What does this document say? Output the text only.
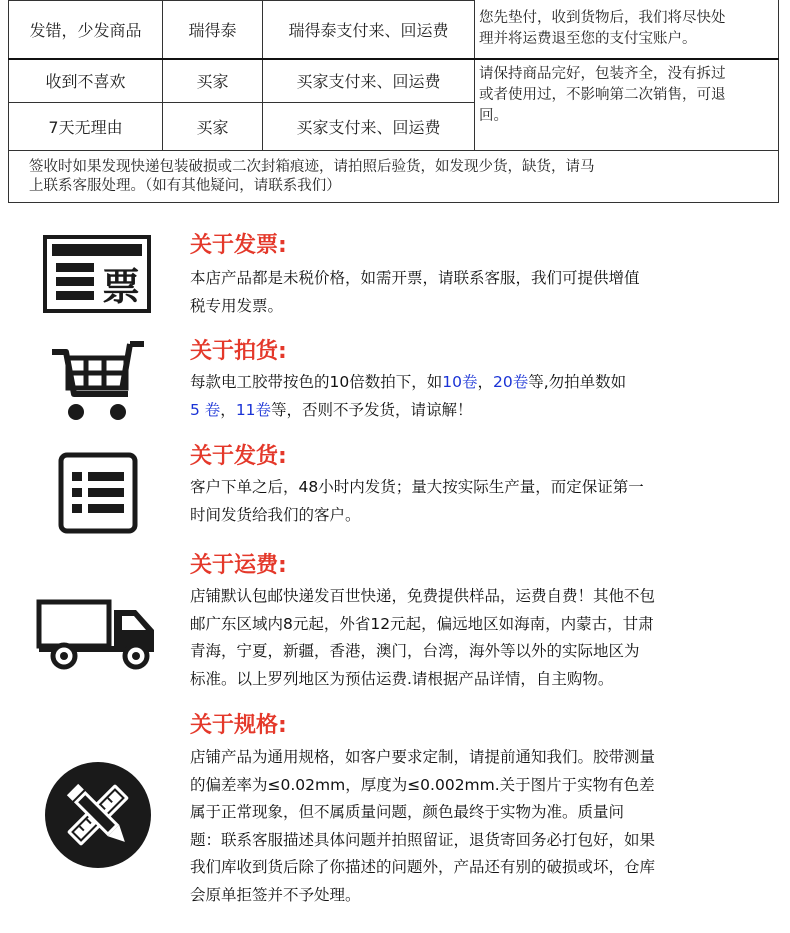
发错，少发商品	瑞得泰	瑞得泰支付来、回运费	您先垫付，收到货物后，我们将尽快处
理并将运费退至您的支付宝账户。

收到不喜欢	买家	买家支付来、回运费	请保持商品完好，包装齐全，没有拆过
或者使用过，不影响第二次销售，可退
回。

7天无理由	买家	买家支付来、回运费	

签收时如果发现快递包装破损或二次封箱痕迹，请拍照后验货，如发现少货，缺货，请马
上联系客服处理。（如有其他疑问，请联系我们）			
票
关于发票:
本店产品都是未税价格，如需开票，请联系客服，我们可提供增值
税专用发票。
关于拍货:
每款电工胶带按色的10倍数拍下，如10卷，20卷等,勿拍单数如
5 卷，11卷等，否则不予发货，请谅解！
关于发货:
客户下单之后，48小时内发货；量大按实际生产量，而定保证第一
时间发货给我们的客户。
关于运费:
店铺默认包邮快递发百世快递，免费提供样品，运费自费！其他不包
邮广东区域内8元起，外省12元起，偏远地区如海南，内蒙古，甘肃
青海，宁夏，新疆，香港，澳门，台湾，海外等以外的实际地区为
标准。以上罗列地区为预估运费.请根据产品详情，自主购物。
关于规格:
店铺产品为通用规格，如客户要求定制，请提前通知我们。胶带测量
的偏差率为≤0.02mm，厚度为≤0.002mm.关于图片于实物有色差
属于正常现象，但不属质量问题，颜色最终于实物为准。质量问
题：联系客服描述具体问题并拍照留证，退货寄回务必打包好，如果
我们库收到货后除了你描述的问题外，产品还有别的破损或坏，仓库
会原单拒签并不予处理。
